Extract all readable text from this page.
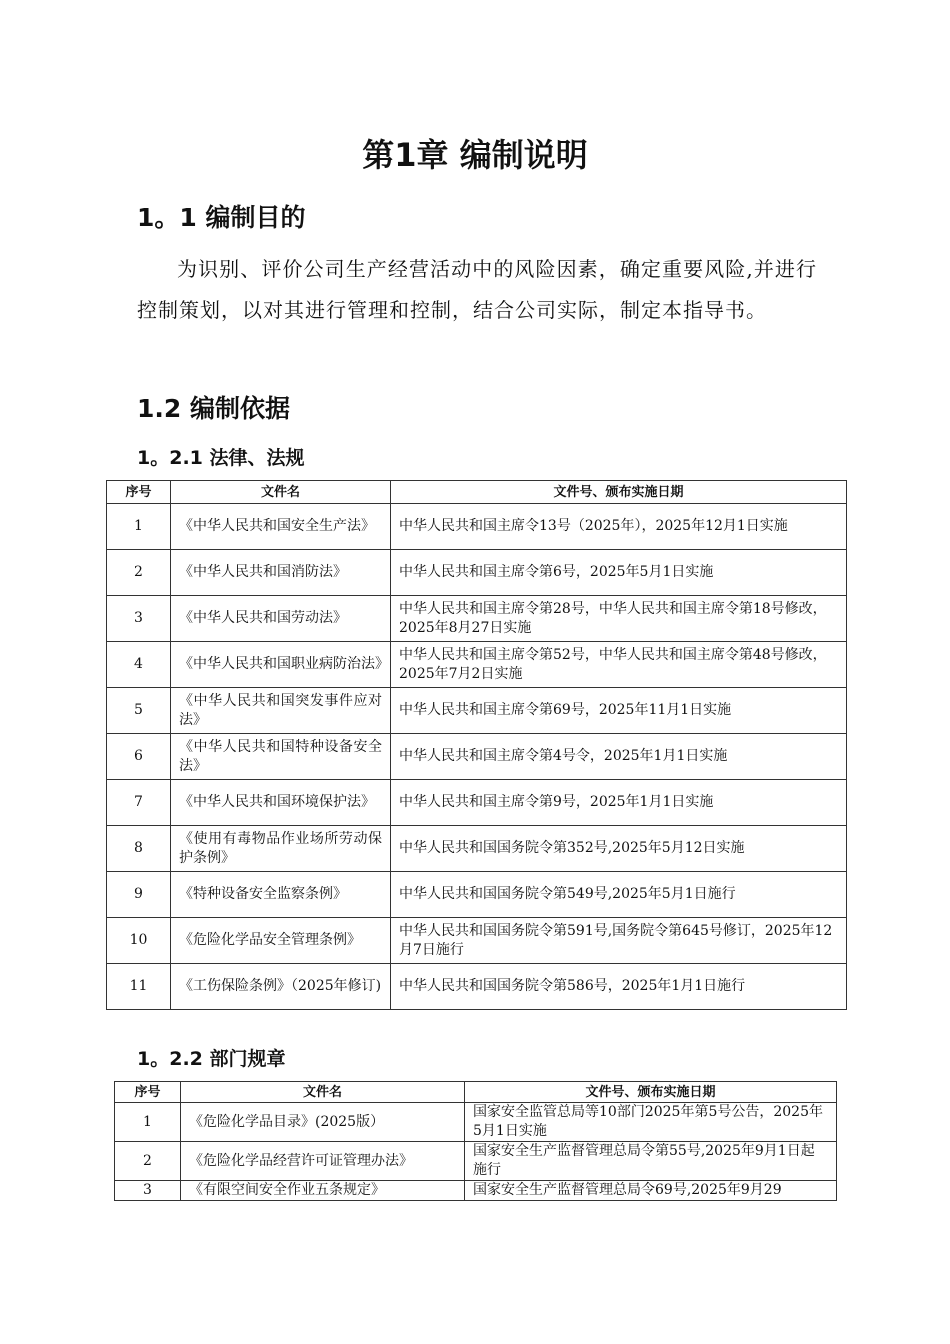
第1章 编制说明
1。1 编制目的

为识别、评价公司生产经营活动中的风险因素，确定重要风险,并进行控制策划，以对其进行管理和控制，结合公司实际，制定本指导书。

1.2 编制依据
1。2.1 法律、法规
序号	文件名	文件号、颁布实施日期
1	《中华人民共和国安全生产法》	中华人民共和国主席令13号（2025年），2025年12月1日实施
2	《中华人民共和国消防法》	中华人民共和国主席令第6号，2025年5月1日实施
3	《中华人民共和国劳动法》	中华人民共和国主席令第28号，中华人民共和国主席令第18号修改，2025年8月27日实施
4	《中华人民共和国职业病防治法》	中华人民共和国主席令第52号，中华人民共和国主席令第48号修改，2025年7月2日实施
5	《中华人民共和国突发事件应对法》	中华人民共和国主席令第69号，2025年11月1日实施
6	《中华人民共和国特种设备安全法》	中华人民共和国主席令第4号令，2025年1月1日实施
7	《中华人民共和国环境保护法》	中华人民共和国主席令第9号，2025年1月1日实施
8	《使用有毒物品作业场所劳动保护条例》	中华人民共和国国务院令第352号,2025年5月12日实施
9	《特种设备安全监察条例》	中华人民共和国国务院令第549号,2025年5月1日施行
10	《危险化学品安全管理条例》	中华人民共和国国务院令第591号,国务院令第645号修订，2025年12月7日施行
11	《工伤保险条例》（2025年修订)	中华人民共和国国务院令第586号，2025年1月1日施行
1。2.2 部门规章
序号	文件名	文件号、颁布实施日期
1	《危险化学品目录》(2025版）	国家安全监管总局等10部门2025年第5号公告，2025年5月1日实施
2	《危险化学品经营许可证管理办法》	国家安全生产监督管理总局令第55号,2025年9月1日起施行
3	《有限空间安全作业五条规定》	国家安全生产监督管理总局令69号,2025年9月29
